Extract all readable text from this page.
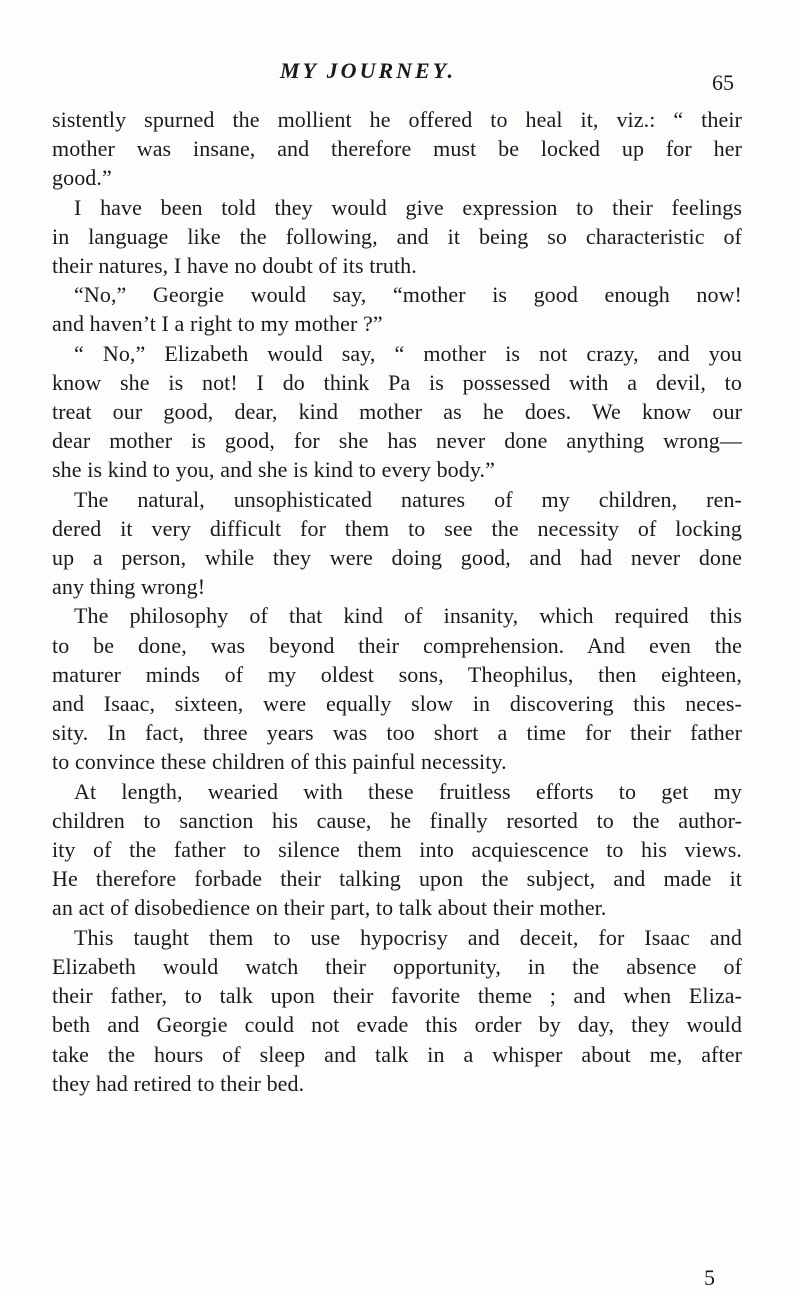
MY JOURNEY.	65
sistently spurned the mollient he offered to heal it, viz.: “ their
mother was insane, and therefore must be locked up for her
good.”
I have been told they would give expression to their feelings
in language like the following, and it being so characteristic of
their natures, I have no doubt of its truth.
“No,” Georgie would say, “mother is good enough now!
and haven’t I a right to my mother ?”
“ No,” Elizabeth would say, “ mother is not crazy, and you
know she is not! I do think Pa is possessed with a devil, to
treat our good, dear, kind mother as he does. We know our
dear mother is good, for she has never done anything wrong—
she is kind to you, and she is kind to every body.”
The natural, unsophisticated natures of my children, ren-
dered it very difficult for them to see the necessity of locking
up a person, while they were doing good, and had never done
any thing wrong!
The philosophy of that kind of insanity, which required this
to be done, was beyond their comprehension. And even the
maturer minds of my oldest sons, Theophilus, then eighteen,
and Isaac, sixteen, were equally slow in discovering this neces-
sity. In fact, three years was too short a time for their father
to convince these children of this painful necessity.
At length, wearied with these fruitless efforts to get my
children to sanction his cause, he finally resorted to the author-
ity of the father to silence them into acquiescence to his views.
He therefore forbade their talking upon the subject, and made it
an act of disobedience on their part, to talk about their mother.
This taught them to use hypocrisy and deceit, for Isaac and
Elizabeth would watch their opportunity, in the absence of
their father, to talk upon their favorite theme ; and when Eliza-
beth and Georgie could not evade this order by day, they would
take the hours of sleep and talk in a whisper about me, after
they had retired to their bed.
5
